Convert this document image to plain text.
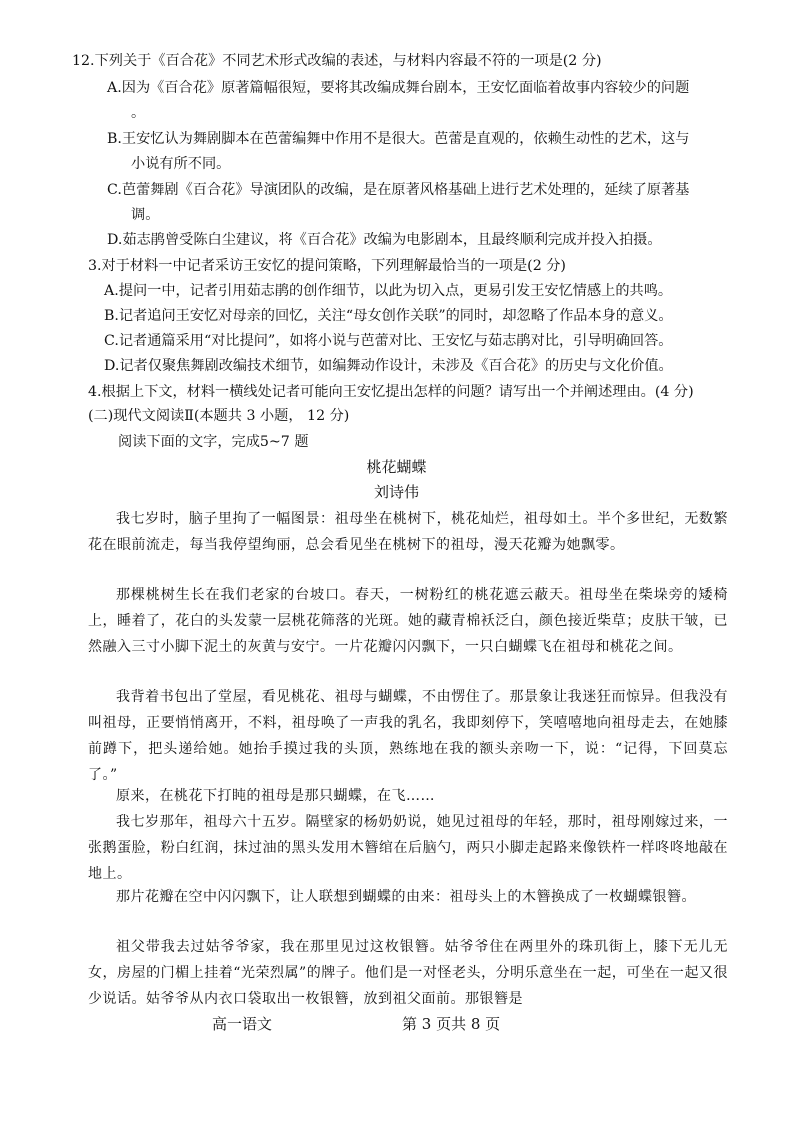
12.下列关于《百合花》不同艺术形式改编的表述，与材料内容最不符的一项是(2 分)
A.因为《百合花》原著篇幅很短，要将其改编成舞台剧本，王安忆面临着故事内容较少的问题

。
B.王安忆认为舞剧脚本在芭蕾编舞中作用不是很大。芭蕾是直观的，依赖生动性的艺术，这与

小说有所不同。
C.芭蕾舞剧《百合花》导演团队的改编，是在原著风格基础上进行艺术处理的，延续了原著基

调。
D.茹志鹃曾受陈白尘建议，将《百合花》改编为电影剧本，且最终顺利完成并投入拍摄。
3.对于材料一中记者采访王安忆的提问策略，下列理解最恰当的一项是(2 分)
A.提问一中，记者引用茹志鹃的创作细节，以此为切入点，更易引发王安忆情感上的共鸣。
B.记者追问王安忆对母亲的回忆，关注“母女创作关联”的同时，却忽略了作品本身的意义。
C.记者通篇采用“对比提问”，如将小说与芭蕾对比、王安忆与茹志鹃对比，引导明确回答。
D.记者仅聚焦舞剧改编技术细节，如编舞动作设计，未涉及《百合花》的历史与文化价值。
4.根据上下文，材料一横线处记者可能向王安忆提出怎样的问题？请写出一个并阐述理由。(4 分)
(二)现代文阅读Ⅱ(本题共 3 小题， 12 分)
阅读下面的文字，完成5~7 题
桃花蝴蝶
刘诗伟
我七岁时，脑子里拘了一幅图景：祖母坐在桃树下，桃花灿烂，祖母如土。半个多世纪，无数繁花在眼前流走，每当我停望绚丽，总会看见坐在桃树下的祖母，漫天花瓣为她飘零。
那棵桃树生长在我们老家的台坡口。春天，一树粉红的桃花遮云蔽天。祖母坐在柴垛旁的矮椅上，睡着了，花白的头发蒙一层桃花筛落的光斑。她的藏青棉袄泛白，颜色接近柴草；皮肤干皱，已然融入三寸小脚下泥土的灰黄与安宁。一片花瓣闪闪飘下，一只白蝴蝶飞在祖母和桃花之间。
我背着书包出了堂屋，看见桃花、祖母与蝴蝶，不由愣住了。那景象让我迷狂而惊异。但我没有叫祖母，正要悄悄离开，不料，祖母唤了一声我的乳名，我即刻停下，笑嘻嘻地向祖母走去，在她膝前蹲下，把头递给她。她抬手摸过我的头顶，熟练地在我的额头亲吻一下，说：“记得，下回莫忘了。”
原来，在桃花下打盹的祖母是那只蝴蝶，在飞……
我七岁那年，祖母六十五岁。隔壁家的杨奶奶说，她见过祖母的年轻，那时，祖母刚嫁过来，一张鹅蛋脸，粉白红润，抹过油的黑头发用木簪绾在后脑勺，两只小脚走起路来像铁杵一样咚咚地敲在地上。
那片花瓣在空中闪闪飘下，让人联想到蝴蝶的由来：祖母头上的木簪换成了一枚蝴蝶银簪。
祖父带我去过姑爷爷家，我在那里见过这枚银簪。姑爷爷住在两里外的珠玑街上，膝下无儿无女，房屋的门楣上挂着“光荣烈属”的牌子。他们是一对怪老头，分明乐意坐在一起，可坐在一起又很少说话。姑爷爷从内衣口袋取出一枚银簪，放到祖父面前。那银簪是
高一语文	第 3 页共 8 页
